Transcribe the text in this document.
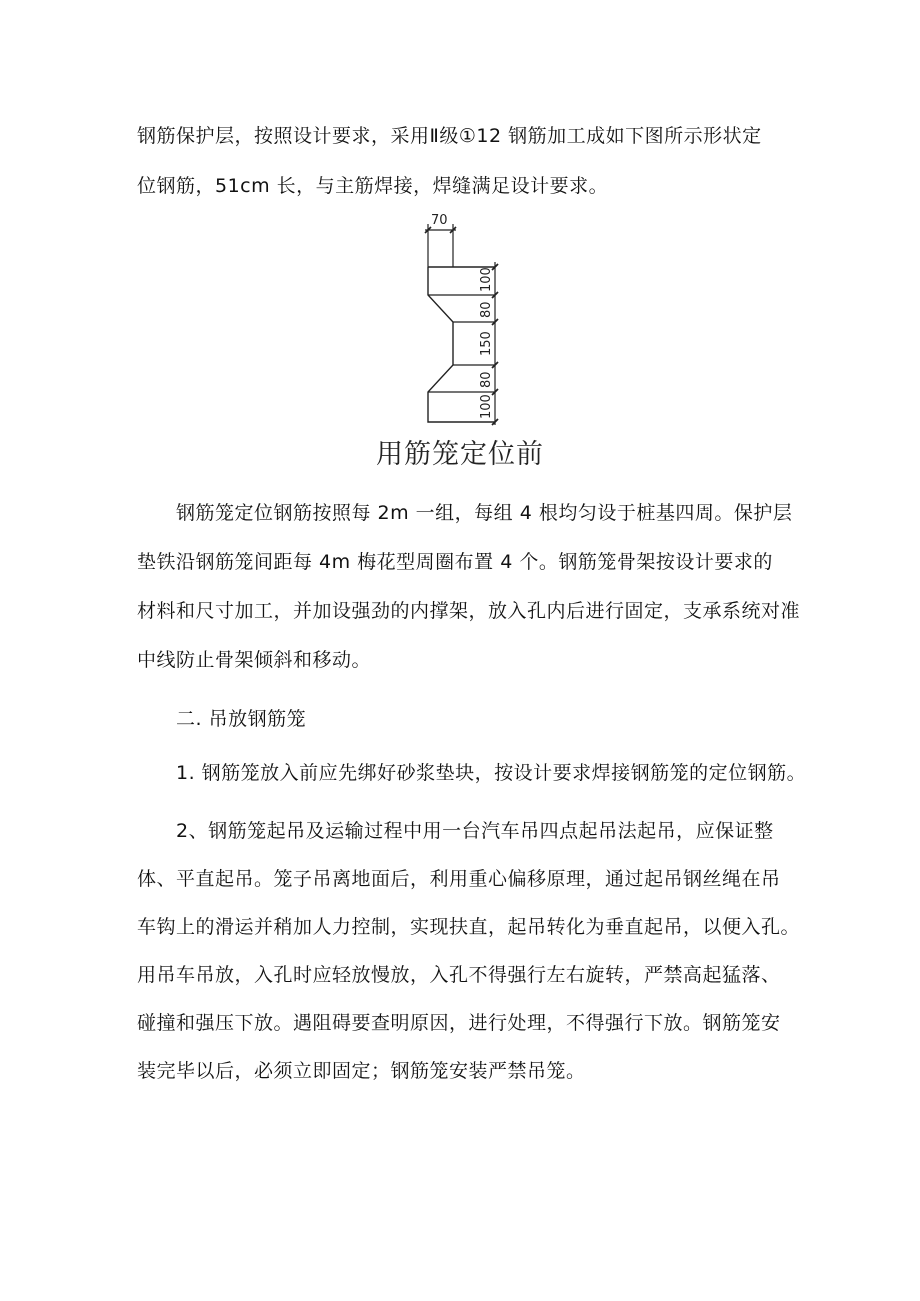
钢筋保护层，按照设计要求，采用Ⅱ级①12 钢筋加工成如下图所示形状定
位钢筋，51cm 长，与主筋焊接，焊缝满足设计要求。
70
100
80
150
80
100
用筋笼定位前
钢筋笼定位钢筋按照每 2m 一组，每组 4 根均匀设于桩基四周。保护层
垫铁沿钢筋笼间距每 4m 梅花型周圈布置 4 个。钢筋笼骨架按设计要求的
材料和尺寸加工，并加设强劲的内撑架，放入孔内后进行固定，支承系统对准
中线防止骨架倾斜和移动。
二. 吊放钢筋笼
1. 钢筋笼放入前应先绑好砂浆垫块，按设计要求焊接钢筋笼的定位钢筋。
2、钢筋笼起吊及运输过程中用一台汽车吊四点起吊法起吊，应保证整
体、平直起吊。笼子吊离地面后，利用重心偏移原理，通过起吊钢丝绳在吊
车钩上的滑运并稍加人力控制，实现扶直，起吊转化为垂直起吊，以便入孔。
用吊车吊放，入孔时应轻放慢放，入孔不得强行左右旋转，严禁高起猛落、
碰撞和强压下放。遇阻碍要查明原因，进行处理，不得强行下放。钢筋笼安
装完毕以后，必须立即固定；钢筋笼安装严禁吊笼。
